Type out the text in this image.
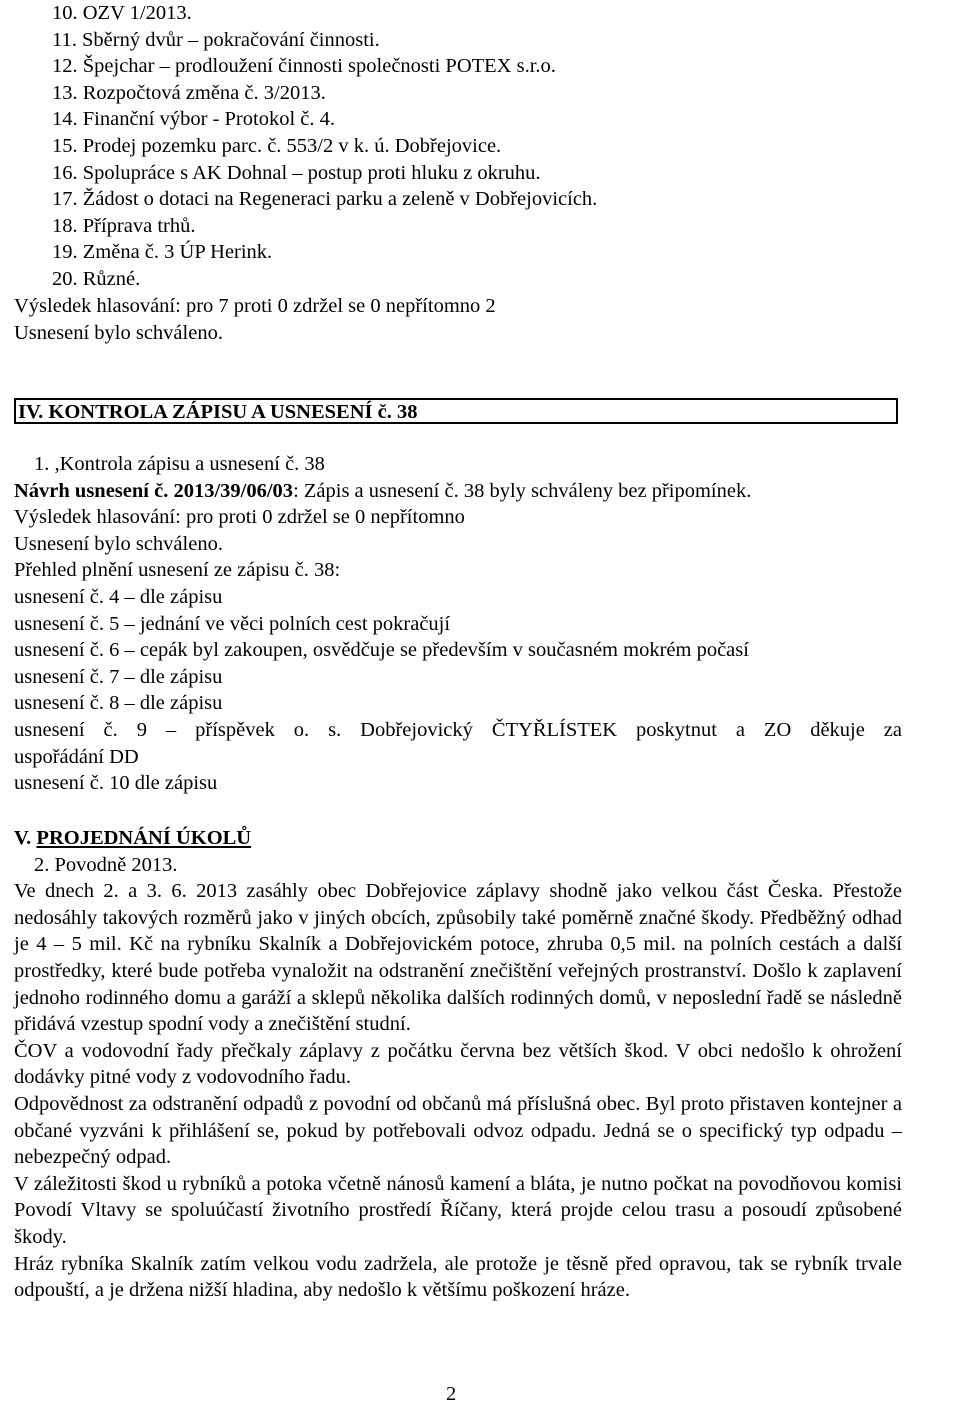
10. OZV 1/2013.
11. Sběrný dvůr – pokračování činnosti.
12. Špejchar – prodloužení činnosti společnosti POTEX s.r.o.
13. Rozpočtová změna č. 3/2013.
14. Finanční výbor - Protokol č. 4.
15. Prodej pozemku parc. č. 553/2 v k. ú. Dobřejovice.
16. Spolupráce s AK Dohnal – postup proti hluku z okruhu.
17. Žádost o dotaci na Regeneraci parku a zeleně v Dobřejovicích.
18. Příprava trhů.
19. Změna č. 3 ÚP Herink.
20. Různé.
Výsledek hlasování: pro 7 proti 0 zdržel se 0 nepřítomno 2
Usnesení bylo schváleno.
IV. KONTROLA ZÁPISU A USNESENÍ č. 38
1. ,Kontrola zápisu a usnesení č. 38
Návrh usnesení č. 2013/39/06/03: Zápis a usnesení č. 38 byly schváleny bez připomínek.
Výsledek hlasování: pro proti 0 zdržel se 0 nepřítomno
Usnesení bylo schváleno.
Přehled plnění usnesení ze zápisu č. 38:
usnesení č. 4 – dle zápisu
usnesení č. 5 – jednání ve věci polních cest pokračují
usnesení č. 6 – cepák byl zakoupen, osvědčuje se především v současném mokrém počasí
usnesení č. 7 – dle zápisu
usnesení č. 8 – dle zápisu
usnesení č. 9 – příspěvek o. s. Dobřejovický ČTYŘLÍSTEK poskytnut a ZO děkuje za
uspořádání DD
usnesení č. 10 dle zápisu
V. PROJEDNÁNÍ ÚKOLŮ
2. Povodně 2013.
Ve dnech 2. a 3. 6. 2013 zasáhly obec Dobřejovice záplavy shodně jako velkou část Česka. Přestože nedosáhly takových rozměrů jako v jiných obcích, způsobily také poměrně značné škody. Předběžný odhad je 4 – 5 mil. Kč na rybníku Skalník a Dobřejovickém potoce, zhruba 0,5 mil. na polních cestách a další prostředky, které bude potřeba vynaložit na odstranění znečištění veřejných prostranství. Došlo k zaplavení jednoho rodinného domu a garáží a sklepů několika dalších rodinných domů, v neposlední řadě se následně přidává vzestup spodní vody a znečištění studní.
ČOV a vodovodní řady přečkaly záplavy z počátku června bez větších škod. V obci nedošlo k ohrožení dodávky pitné vody z vodovodního řadu.
Odpovědnost za odstranění odpadů z povodní od občanů má příslušná obec. Byl proto přistaven kontejner a občané vyzváni k přihlášení se, pokud by potřebovali odvoz odpadu. Jedná se o specifický typ odpadu – nebezpečný odpad.
V záležitosti škod u rybníků a potoka včetně nánosů kamení a bláta, je nutno počkat na povodňovou komisi Povodí Vltavy se spoluúčastí životního prostředí Říčany, která projde celou trasu a posoudí způsobené škody.
Hráz rybníka Skalník zatím velkou vodu zadržela, ale protože je těsně před opravou, tak se rybník trvale odpouští, a je držena nižší hladina, aby nedošlo k většímu poškození hráze.
2
